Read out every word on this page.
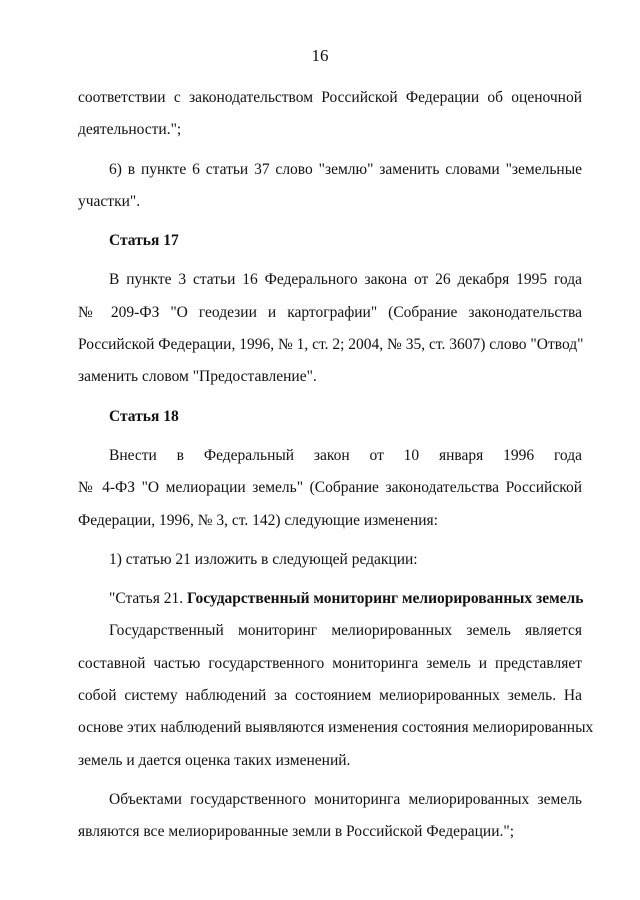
16
соответствии с законодательством Российской Федерации об оценочной
деятельности.";
6) в пункте 6 статьи 37 слово "землю" заменить словами "земельные
участки".
Статья 17
В пункте 3 статьи 16 Федерального закона от 26 декабря 1995 года
№ 209-ФЗ "О геодезии и картографии" (Собрание законодательства
Российской Федерации, 1996, № 1, ст. 2; 2004, № 35, ст. 3607) слово "Отвод"
заменить словом "Предоставление".
Статья 18
Внести в Федеральный закон от 10 января 1996 года
№ 4-ФЗ "О мелиорации земель" (Собрание законодательства Российской
Федерации, 1996, № 3, ст. 142) следующие изменения:
1) статью 21 изложить в следующей редакции:
"Статья 21. Государственный мониторинг мелиорированных земель
Государственный мониторинг мелиорированных земель является
составной частью государственного мониторинга земель и представляет
собой систему наблюдений за состоянием мелиорированных земель. На
основе этих наблюдений выявляются изменения состояния мелиорированных
земель и дается оценка таких изменений.
Объектами государственного мониторинга мелиорированных земель
являются все мелиорированные земли в Российской Федерации.";
